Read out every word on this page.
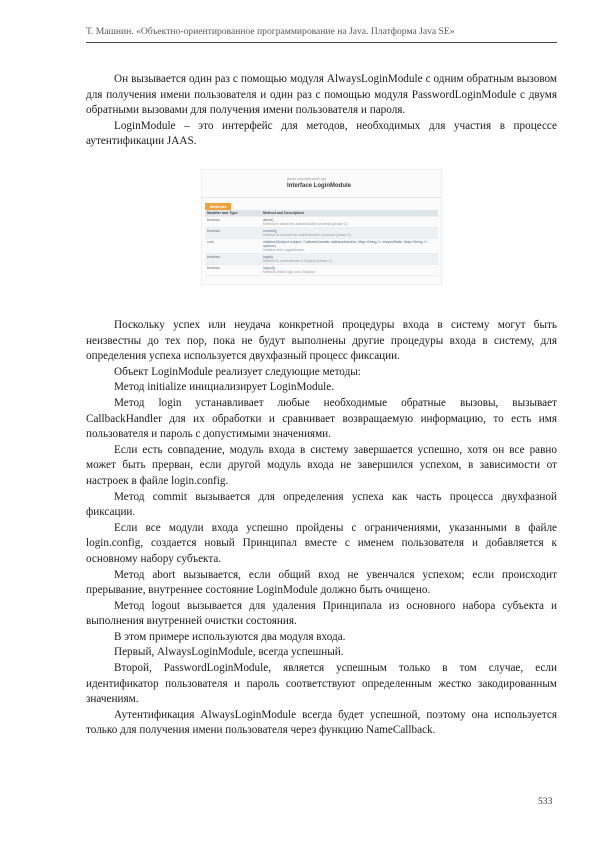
Т. Машнин. «Объектно-ориентированное программирование на Java. Платформа Java SE»

Он вызывается один раз с помощью модуля AlwaysLoginModule с одним обратным вызовом для получения имени пользователя и один раз с помощью модуля PasswordLoginModule с двумя обратными вызовами для получения имени пользователя и пароля.

LoginModule – это интерфейс для методов, необходимых для участия в процессе аутентификации JAAS.

javax.security.auth.spi
Interface LoginModule
Methods
Modifier and Type	Method and Description
boolean	abort()
Method to abort the authentication process (phase 2).

boolean	commit()
Method to commit the authentication process (phase 2).

void	initialize(Subject subject, CallbackHandler callbackHandler, Map<String,?> sharedState, Map<String,?> options)
Initialize this LoginModule.

boolean	login()
Method to authenticate a Subject (phase 1).

boolean	logout()
Method which logs out a Subject.

Поскольку успех или неудача конкретной процедуры входа в систему могут быть неизвестны до тех пор, пока не будут выполнены другие процедуры входа в систему, для определения успеха используется двухфазный процесс фиксации.

Объект LoginModule реализует следующие методы:

Метод initialize инициализирует LoginModule.

Метод login устанавливает любые необходимые обратные вызовы, вызывает CallbackHandler для их обработки и сравнивает возвращаемую информацию, то есть имя пользователя и пароль с допустимыми значениями.

Если есть совпадение, модуль входа в систему завершается успешно, хотя он все равно может быть прерван, если другой модуль входа не завершился успехом, в зависимости от настроек в файле login.config.

Метод commit вызывается для определения успеха как часть процесса двухфазной фиксации.

Если все модули входа успешно пройдены с ограничениями, указанными в файле login.config, создается новый Принципал вместе с именем пользователя и добавляется к основному набору субъекта.

Метод abort вызывается, если общий вход не увенчался успехом; если происходит прерывание, внутреннее состояние LoginModule должно быть очищено.

Метод logout вызывается для удаления Принципала из основного набора субъекта и выполнения внутренней очистки состояния.

В этом примере используются два модуля входа.

Первый, AlwaysLoginModule, всегда успешный.

Второй, PasswordLoginModule, является успешным только в том случае, если идентификатор пользователя и пароль соответствуют определенным жестко закодированным значениям.

Аутентификация AlwaysLoginModule всегда будет успешной, поэтому она используется только для получения имени пользователя через функцию NameCallback.

533
